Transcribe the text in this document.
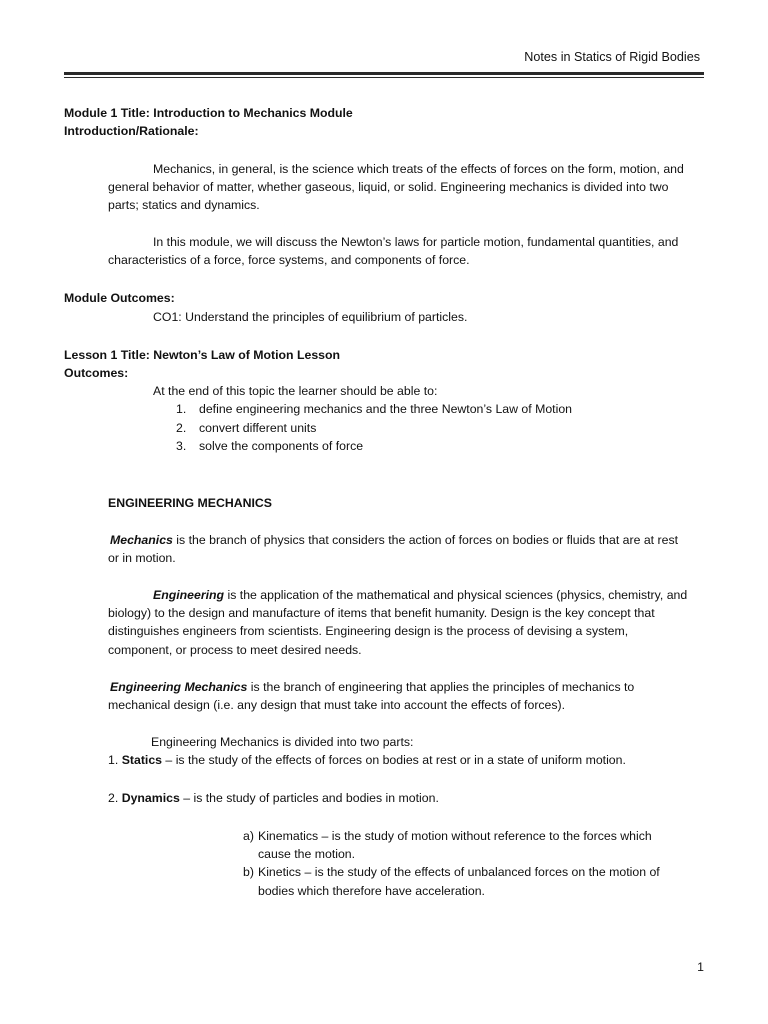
Notes in Statics of Rigid Bodies
Module 1 Title: Introduction to Mechanics Module
Introduction/Rationale:
Mechanics, in general, is the science which treats of the effects of forces on the form, motion, and
general behavior of matter, whether gaseous, liquid, or solid. Engineering mechanics is divided into two
parts; statics and dynamics.
In this module, we will discuss the Newton’s laws for particle motion, fundamental quantities, and
characteristics of a force, force systems, and components of force.
Module Outcomes:
CO1: Understand the principles of equilibrium of particles.
Lesson 1 Title: Newton’s Law of Motion Lesson
Outcomes:
At the end of this topic the learner should be able to:
1. define engineering mechanics and the three Newton’s Law of Motion
2. convert different units
3. solve the components of force
ENGINEERING MECHANICS
Mechanics is the branch of physics that considers the action of forces on bodies or fluids that are at rest
or in motion.
Engineering is the application of the mathematical and physical sciences (physics, chemistry, and
biology) to the design and manufacture of items that benefit humanity. Design is the key concept that
distinguishes engineers from scientists. Engineering design is the process of devising a system,
component, or process to meet desired needs.
Engineering Mechanics is the branch of engineering that applies the principles of mechanics to
mechanical design (i.e. any design that must take into account the effects of forces).
Engineering Mechanics is divided into two parts:
1. Statics – is the study of the effects of forces on bodies at rest or in a state of uniform motion.
2. Dynamics – is the study of particles and bodies in motion.
a) Kinematics – is the study of motion without reference to the forces which
cause the motion.
b) Kinetics – is the study of the effects of unbalanced forces on the motion of
bodies which therefore have acceleration.
1
